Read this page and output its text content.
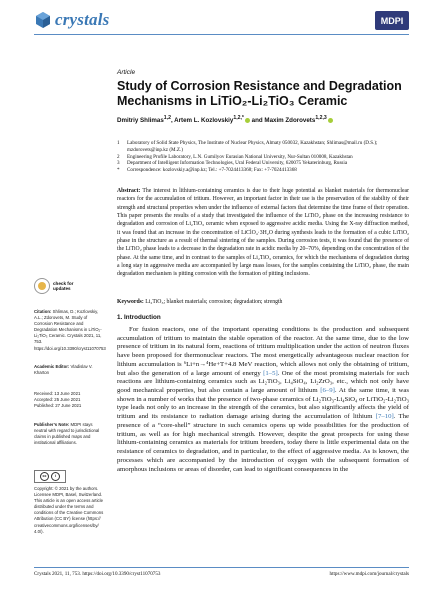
crystals	MDPI
Article
Study of Corrosion Resistance and Degradation Mechanisms in LiTiO₂-Li₂TiO₃ Ceramic
Dmitriy Shlimas$^{1,2}$, Artem L. Kozlovskiy$^{1,2,*}$ and Maxim Zdorovets$^{1,2,3}$
1	Laboratory of Solid State Physics, The Institute of Nuclear Physics, Almaty 050032, Kazakhstan; Shlimas@mail.ru (D.S.); mzdorovets@inp.kz (M.Z.)
2	Engineering Profile Laboratory, L.N. Gumilyov Eurasian National University, Nur-Sultan 010008, Kazakhstan
3	Department of Intelligent Information Technologies, Ural Federal University, 620075 Yekaterinburg, Russia
*	Correspondence: kozlovskiy.a@inp.kz; Tel.: +7-7024413368; Fax: +7-7024413368
Abstract: The interest in lithium-containing ceramics is due to their huge potential as blanket materials for thermonuclear reactors for the accumulation of tritium. However, an important factor in their use is the preservation of the stability of their strength and structural properties when under the influence of external factors that determine the time frame of their operation. This paper presents the results of a study that investigated the influence of the LiTiO₂ phase on the increasing resistance to degradation and corrosion of Li₂TiO₃ ceramic when exposed to aggressive acidic media. Using the X-ray diffraction method, it was found that an increase in the concentration of LiClO₄·3H₂O during synthesis leads to the formation of a cubic LiTiO₂ phase in the structure as a result of thermal sintering of the samples. During corrosion tests, it was found that the presence of the LiTiO₂ phase leads to a decrease in the degradation rate in acidic media by 20–70%, depending on the concentration of the phase. At the same time, and in contrast to the samples of Li₂TiO₃ ceramics, for which the mechanisms of degradation during a long stay in aggressive media are accompanied by large mass losses, for the samples containing the LiTiO₂ phase, the main degradation mechanism is pitting corrosion with the formation of pitting inclusions.
Keywords: Li₂TiO₃; blanket materials; corrosion; degradation; strength
1. Introduction

For fusion reactors, one of the important operating conditions is the production and subsequent accumulation of tritium to maintain the stable operation of the reactor. At the same time, due to the low presence of tritium in its natural form, reactions of tritium multiplication under the action of neutron fluxes have been proposed for thermonuclear reactors. The most energetically advantageous nuclear reaction for lithium accumulation is ⁶Li+n→⁴He+T+4.8 MeV reaction, which allows not only the obtaining of tritium, but also the generation of a large amount of energy [1–5]. One of the most promising materials for such reactions are lithium-containing ceramics such as Li₂TiO₃, Li₄SiO₄, Li₂ZrO₃, etc., which not only have good mechanical properties, but also contain a large amount of lithium [6–9]. At the same time, it was shown in a number of works that the presence of two-phase ceramics of Li₂TiO₃-Li₄SiO₄ or LiTiO₂-Li₂TiO₃ type leads not only to an increase in the strength of the ceramics, but also significantly affects the yield of tritium and its resistance to radiation damage arising during the accumulation of lithium [7–10]. The presence of a “core-shell” structure in such ceramics opens up wide possibilities for the production of tritium, as well as for high mechanical strength. However, despite the great prospects for using these lithium-containing ceramics as materials for tritium breeders, today there is little experimental data on the resistance of ceramics to degradation, and in particular, to the effect of aggressive media. As is known, the processes which are accompanied by the introduction of oxygen with the subsequent formation of amorphous inclusions or areas of disorder, can lead to significant consequences in the

check for
updates
Citation: Shlimas, D.; Kozlovskiy, A.L.; Zdorovets, M. Study of Corrosion Resistance and Degradation Mechanisms in LiTiO₂-Li₂TiO₃ Ceramic. Crystals 2021, 11, 753. https://doi.org/10.3390/cryst11070753
Academic Editor: Vladislav V. Kharton
Received: 13 June 2021
Accepted: 25 June 2021
Published: 27 June 2021
Publisher’s Note: MDPI stays neutral with regard to jurisdictional claims in published maps and institutional affiliations.
cc	i
Copyright: © 2021 by the authors. Licensee MDPI, Basel, Switzerland. This article is an open access article distributed under the terms and conditions of the Creative Commons Attribution (CC BY) license (https:// creativecommons.org/licenses/by/ 4.0/).
Crystals 2021, 11, 753. https://doi.org/10.3390/cryst11070753	https://www.mdpi.com/journal/crystals
